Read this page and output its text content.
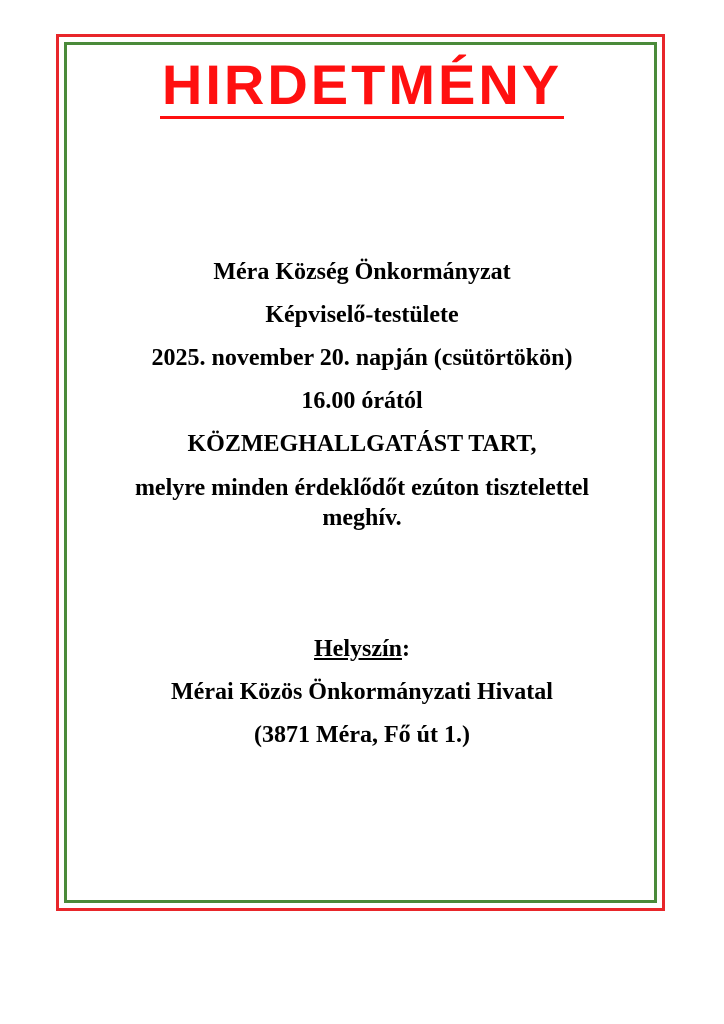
HIRDETMÉNY
Méra Község Önkormányzat
Képviselő-testülete
2025. november 20. napján (csütörtökön)
16.00 órától
KÖZMEGHALLGATÁST TART,
melyre minden érdeklődőt ezúton tisztelettel
meghív.
Helyszín:
Mérai Közös Önkormányzati Hivatal
(3871 Méra, Fő út 1.)
